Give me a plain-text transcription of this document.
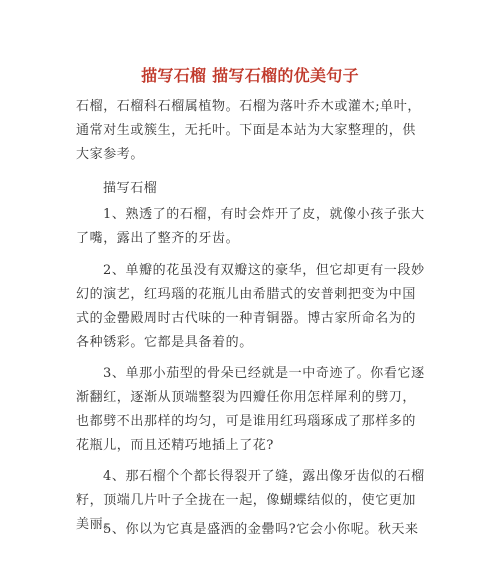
描写石榴 描写石榴的优美句子
石榴，石榴科石榴属植物。石榴为落叶乔木或灌木;单叶，通常对生或簇生，无托叶。下面是本站为大家整理的，供大家参考。
描写石榴
1、熟透了的石榴，有时会炸开了皮，就像小孩子张大了嘴，露出了整齐的牙齿。
2、单瓣的花虽没有双瓣这的豪华，但它却更有一段妙幻的演艺，红玛瑙的花瓶儿由希腊式的安普剌把变为中国式的金罍殿周时古代味的一种青铜器。博古家所命名为的各种锈彩。它都是具备着的。
3、单那小茄型的骨朵已经就是一中奇迹了。你看它逐渐翻红，逐渐从顶端整裂为四瓣任你用怎样犀利的劈刀，也都劈不出那样的均匀，可是谁用红玛瑙琢成了那样多的花瓶儿，而且还精巧地插上了花?
4、那石榴个个都长得裂开了缝，露出像牙齿似的石榴籽，顶端几片叶子全拢在一起，像蝴蝶结似的，使它更加美丽。
5、你以为它真是盛洒的金罍吗?它会小你呢。秋天来
